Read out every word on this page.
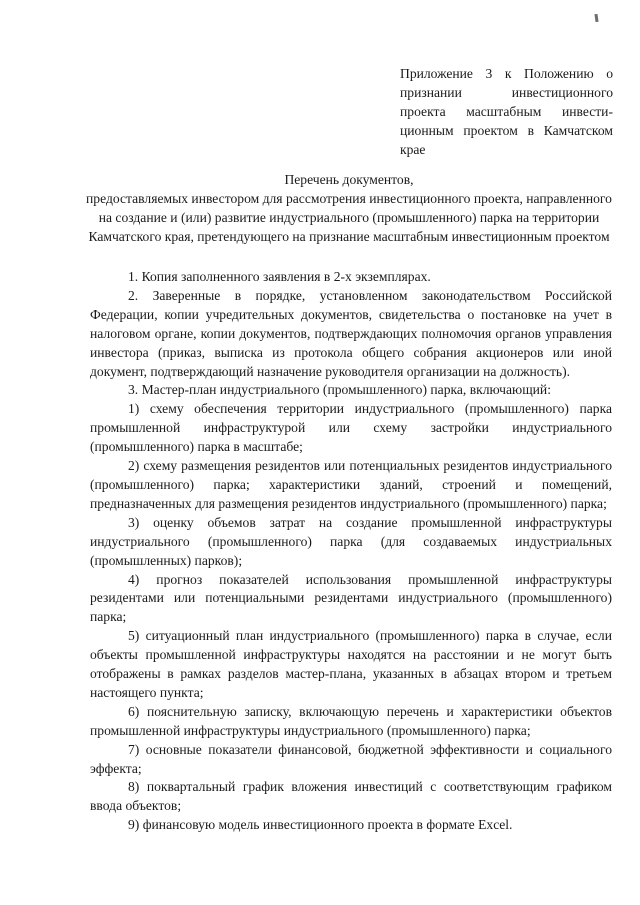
Приложение 3 к Положению о признании инвестиционного проекта масштабным инвестиционным проектом в Камчатском крае
Перечень документов,
предоставляемых инвестором для рассмотрения инвестиционного проекта, направленного на создание и (или) развитие индустриального (промышленного) парка на территории Камчатского края, претендующего на признание масштабным инвестиционным проектом

1. Копия заполненного заявления в 2-х экземплярах.

2. Заверенные в порядке, установленном законодательством Российской Федерации, копии учредительных документов, свидетельства о постановке на учет в налоговом органе, копии документов, подтверждающих полномочия органов управления инвестора (приказ, выписка из протокола общего собрания акционеров или иной документ, подтверждающий назначение руководителя организации на должность).

3. Мастер-план индустриального (промышленного) парка, включающий:

1) схему обеспечения территории индустриального (промышленного) парка промышленной инфраструктурой или схему застройки индустриального (промышленного) парка в масштабе;

2) схему размещения резидентов или потенциальных резидентов индустриального (промышленного) парка; характеристики зданий, строений и помещений, предназначенных для размещения резидентов индустриального (промышленного) парка;

3) оценку объемов затрат на создание промышленной инфраструктуры индустриального (промышленного) парка (для создаваемых индустриальных (промышленных) парков);

4) прогноз показателей использования промышленной инфраструктуры резидентами или потенциальными резидентами индустриального (промышленного) парка;

5) ситуационный план индустриального (промышленного) парка в случае, если объекты промышленной инфраструктуры находятся на расстоянии и не могут быть отображены в рамках разделов мастер-плана, указанных в абзацах втором и третьем настоящего пункта;

6) пояснительную записку, включающую перечень и характеристики объектов промышленной инфраструктуры индустриального (промышленного) парка;

7) основные показатели финансовой, бюджетной эффективности и социального эффекта;

8) поквартальный график вложения инвестиций с соответствующим графиком ввода объектов;

9) финансовую модель инвестиционного проекта в формате Excel.
